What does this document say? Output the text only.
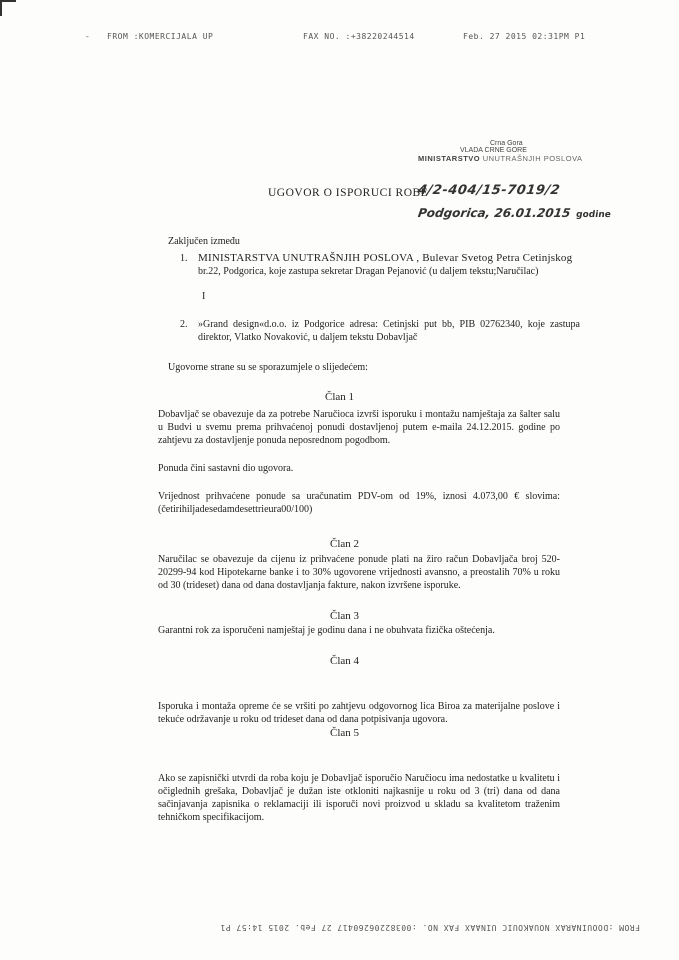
- FROM :KOMERCIJALA UP	FAX NO. :+38220244514	Feb. 27 2015 02:31PM P1
Crna Gora
VLADA CRNE GORE
MINISTARSTVO UNUTRAŠNJIH POSLOVA
UGOVOR O ISPORUCI ROBE
4/2-404/15-7019/2
Podgorica, 26.01.2015 godine
Zaključen između
1. MINISTARSTVA UNUTRAŠNJIH POSLOVA , Bulevar Svetog Petra Cetinjskog
br.22, Podgorica, koje zastupa sekretar Dragan Pejanović (u daljem tekstu;Naručilac)
I
2. »Grand design«d.o.o. iz Podgorice adresa: Cetinjski put bb, PIB 02762340, koje zastupa direktor, Vlatko Novaković, u daljem tekstu Dobavljač
Ugovorne strane su se sporazumjele o slijedećem:
Član 1
Dobavljač se obavezuje da za potrebe Naručioca izvrši isporuku i montažu namještaja za šalter salu u Budvi u svemu prema prihvaćenoj ponudi dostavljenoj putem e-maila 24.12.2015. godine po zahtjevu za dostavljenje ponuda neposrednom pogodbom.
Ponuda čini sastavni dio ugovora.
Vrijednost prihvaćene ponude sa uračunatim PDV-om od 19%, iznosi 4.073,00 € slovima:(četirihiljadesedamdesettrieura00/100)
Član 2
Naručilac se obavezuje da cijenu iz prihvaćene ponude plati na žiro račun Dobavljača broj 520-20299-94 kod Hipotekarne banke i to 30% ugovorene vrijednosti avansno, a preostalih 70% u roku od 30 (trideset) dana od dana dostavljanja fakture, nakon izvršene isporuke.
Član 3
Garantni rok za isporučeni namještaj je godinu dana i ne obuhvata fizička oštećenja.
Član 4
Isporuka i montaža opreme će se vršiti po zahtjevu odgovornog lica Biroa za materijalne poslove i tekuće održavanje u roku od trideset dana od dana potpisivanja ugovora.
Član 5
Ako se zapisnički utvrdi da roba koju je Dobavljač isporučio Naručiocu ima nedostatke u kvalitetu i očiglednih grešaka, Dobavljač je dužan iste otkloniti najkasnije u roku od 3 (tri) dana od dana sačinjavanja zapisnika o reklamaciji ili isporuči novi proizvod u skladu sa kvalitetom traženim tehničkom specifikacijom.
FROM :DOOUINARAX NOUAKOUIC UINAAX FAX NO. :00382206260417 27 Feb. 2015 14:57 P1
